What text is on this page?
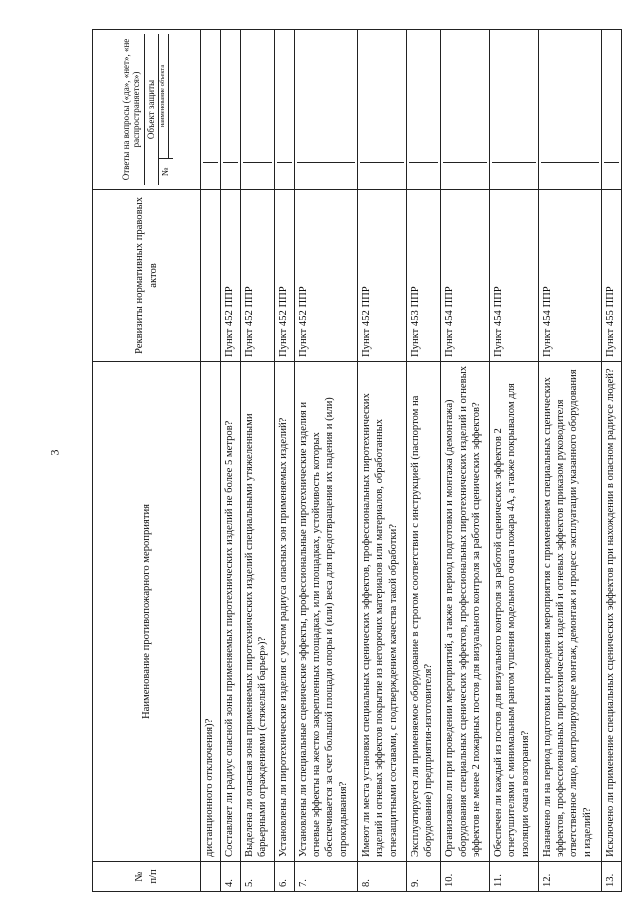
3
№ п/п	Наименование противопожарного мероприятия	Реквизиты нормативных правовых актов	Ответы на вопросы («да», «нет», «не распространяется») Объект защиты
№
наименование объекта

	дистанционного отключения)?		

4.	Составляет ли радиус опасной зоны применяемых пиротехнических изделий не более 5 метров?	Пункт 452 ППР	

5.	Выделена ли опасная зона применяемых пиротехнических изделий специальными утяжеленными барьерными ограждениями (стяжелый барьер»)?	Пункт 452 ППР	

6.	Установлены ли пиротехнические изделия с учетом радиуса опасных зон применяемых изделий?	Пункт 452 ППР	

7.	Установлены ли специальные сценические эффекты, профессиональные пиротехнические изделия и огневые эффекты на жестко закрепленных площадках, или площадках, устойчивость которых обеспечивается за счет большой площади опоры и (или) веса для предотвращения их падения и (или) опрокидывания?	Пункт 452 ППР	

8.	Имеют ли места установки специальных сценических эффектов, профессиональных пиротехнических изделий и огневых эффектов покрытие из негорючих материалов или материалов, обработанных огнезащитными составами, с подтверждением качества такой обработки?	Пункт 452 ППР	

9.	Эксплуатируется ли применяемое оборудование в строгом соответствии с инструкцией (паспортом на оборудование) предприятия-изготовителя?	Пункт 453 ППР	

10.	Организовано ли при проведении мероприятий, а также в период подготовки и монтажа (демонтажа) оборудования специальных сценических эффектов, профессиональных пиротехнических изделий и огневых эффектов не менее 2 пожарных постов для визуального контроля за работой сценических эффектов?	Пункт 454 ППР	

11.	Обеспечен ли каждый из постов для визуального контроля за работой сценических эффектов 2 огнетушителями с минимальным рангом тушения модельного очага пожара 4А, а также покрывалом для изоляции очага возгорания?	Пункт 454 ППР	

12.	Назначено ли на период подготовки и проведения мероприятия с применением специальных сценических эффектов, профессиональных пиротехнических изделий и огневых эффектов приказом руководителя ответственное лицо, контролирующее монтаж, демонтаж и процесс эксплуатации указанного оборудования и изделий?	Пункт 454 ППР	

13.	Исключено ли применение специальных сценических эффектов при нахождении в опасном радиусе людей?	Пункт 455 ППР	
